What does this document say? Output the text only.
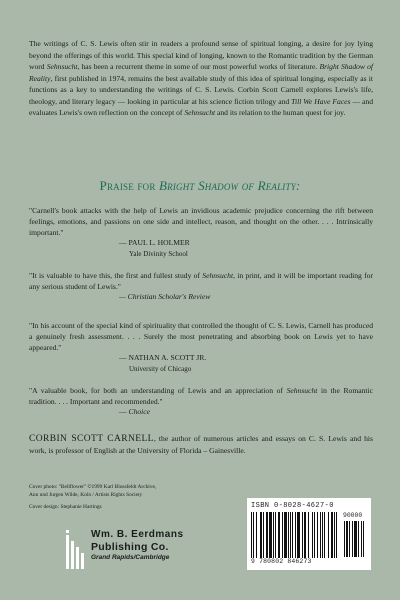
The writings of C. S. Lewis often stir in readers a profound sense of spiritual longing, a desire for joy lying beyond the offerings of this world. This special kind of longing, known to the Romantic tradition by the German word Sehnsucht, has been a recurrent theme in some of our most powerful works of literature. Bright Shadow of Reality, first published in 1974, remains the best available study of this idea of spiritual longing, especially as it functions as a key to understanding the writings of C. S. Lewis. Corbin Scott Carnell explores Lewis's life, theology, and literary legacy — looking in particular at his science fiction trilogy and Till We Have Faces — and evaluates Lewis's own reflection on the concept of Sehnsucht and its relation to the human quest for joy.
Praise for Bright Shadow of Reality:
"Carnell's book attacks with the help of Lewis an invidious academic prejudice concerning the rift between feelings, emotions, and passions on one side and intellect, reason, and thought on the other. . . . Intrinsically important."
— PAUL L. HOLMER
Yale Divinity School
"It is valuable to have this, the first and fullest study of Sehnsucht, in print, and it will be important reading for any serious student of Lewis."
— Christian Scholar's Review
"In his account of the special kind of spirituality that controlled the thought of C. S. Lewis, Carnell has produced a genuinely fresh assessment. . . . Surely the most penetrating and absorbing book on Lewis yet to have appeared."
— NATHAN A. SCOTT JR.
University of Chicago
"A valuable book, for both an understanding of Lewis and an appreciation of Sehnsucht in the Romantic tradition. . . . Important and recommended."
— Choice
CORBIN SCOTT CARNELL, the author of numerous articles and essays on C. S. Lewis and his work, is professor of English at the University of Florida – Gainesville.
Cover photo: "Bellflower" ©1999 Karl Blossfeldt Archive,
Ann und Jurgen Wilde, Koln / Artists Rights Society
Cover design: Stephanie Hartings
Wm. B. Eerdmans
Publishing Co.
Grand Rapids/Cambridge
ISBN 0-8028-4627-0
90000
9 780802 846273
